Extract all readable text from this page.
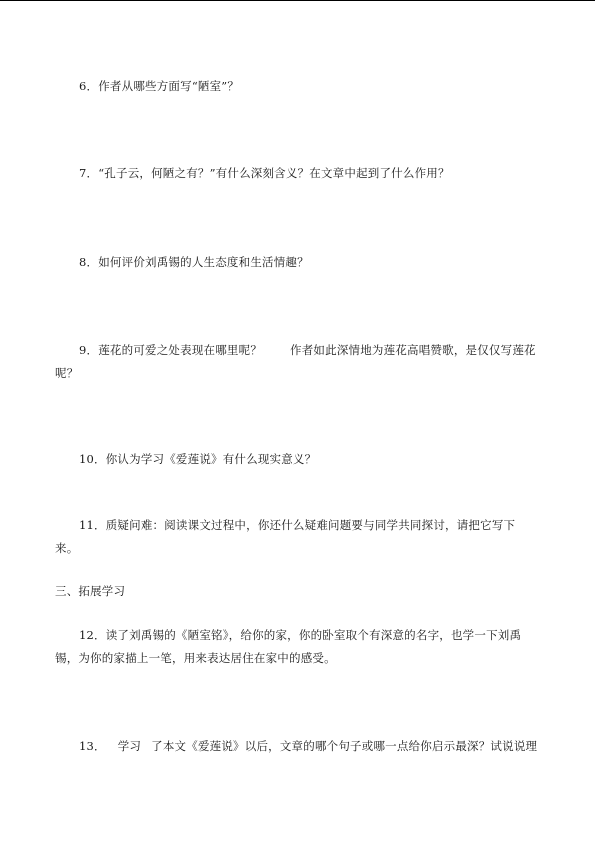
6．作者从哪些方面写“陋室”？

7．“孔子云，何陋之有？”有什么深刻含义？在文章中起到了什么作用？

8．如何评价刘禹锡的人生态度和生活情趣？

9．莲花的可爱之处表现在哪里呢？ 作者如此深情地为莲花高唱赞歌，是仅仅写莲花

呢？

10．你认为学习《爱莲说》有什么现实意义？

11．质疑问难：阅读课文过程中，你还什么疑难问题要与同学共同探讨，请把它写下

来。

三、拓展学习

12．读了刘禹锡的《陋室铭》，给你的家，你的卧室取个有深意的名字，也学一下刘禹

锡，为你的家描上一笔，用来表达居住在家中的感受。

13． 学习 了本文《爱莲说》以后，文章的哪个句子或哪一点给你启示最深？试说说理
